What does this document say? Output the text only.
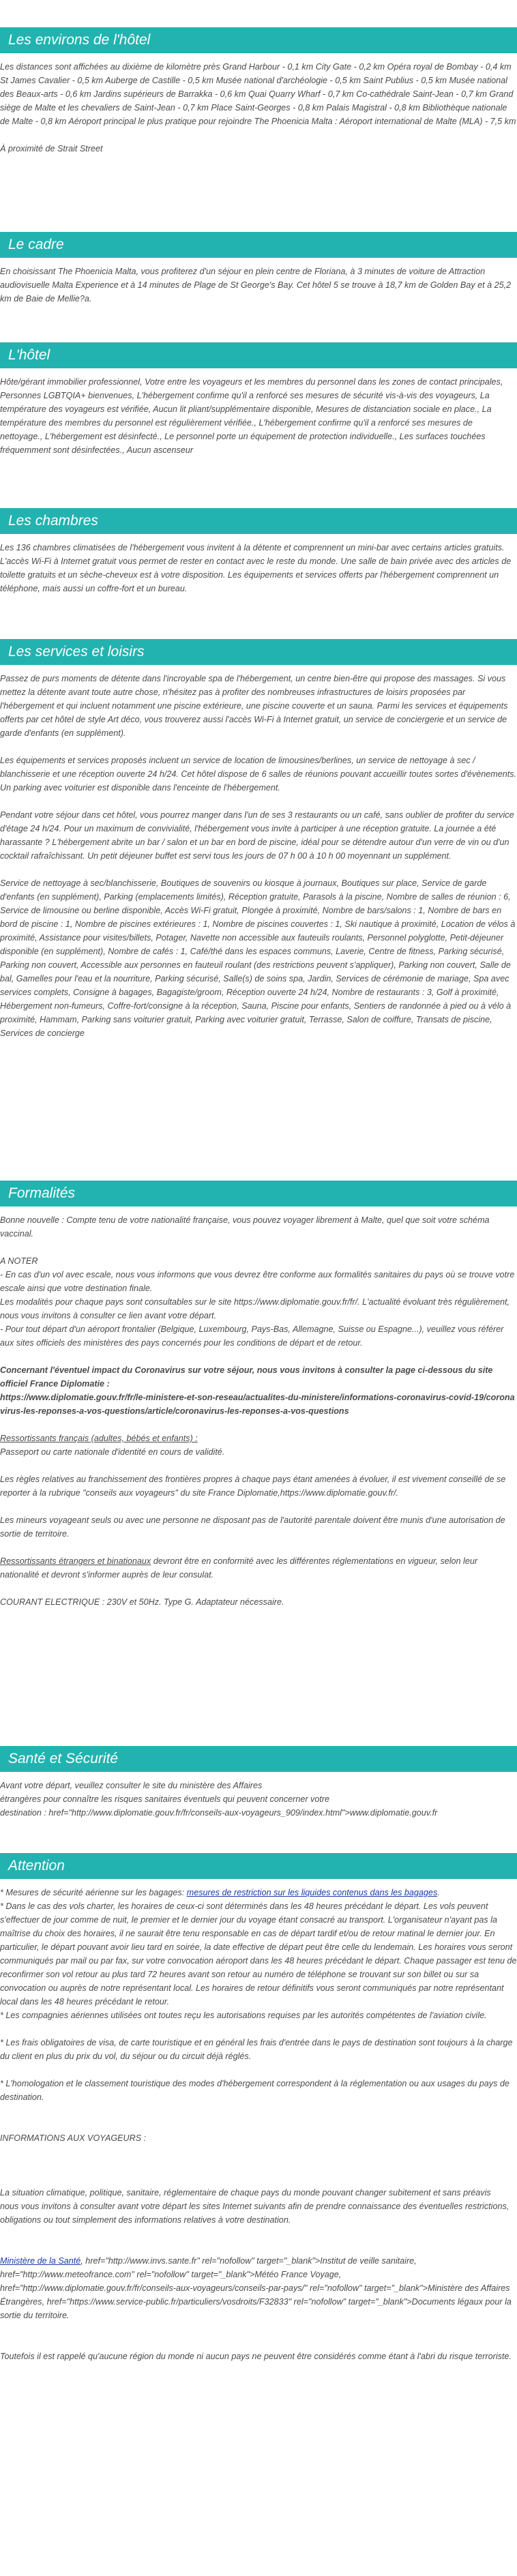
Les environs de l'hôtel

Les distances sont affichées au dixième de kilomètre près Grand Harbour - 0,1 km City Gate - 0,2 km Opéra royal de Bombay - 0,4 km St James Cavalier - 0,5 km Auberge de Castille - 0,5 km Musée national d'archéologie - 0,5 km Saint Publius - 0,5 km Musée national des Beaux-arts - 0,6 km Jardins supérieurs de Barrakka - 0,6 km Quai Quarry Wharf - 0,7 km Co-cathédrale Saint-Jean - 0,7 km Grand siège de Malte et les chevaliers de Saint-Jean - 0,7 km Place Saint-Georges - 0,8 km Palais Magistral - 0,8 km Bibliothèque nationale de Malte - 0,8 km Aéroport principal le plus pratique pour rejoindre The Phoenicia Malta : Aéroport international de Malte (MLA) - 7,5 km

À proximité de Strait Street

Le cadre

En choisissant The Phoenicia Malta, vous profiterez d'un séjour en plein centre de Floriana, à 3 minutes de voiture de Attraction audiovisuelle Malta Experience et à 14 minutes de Plage de St George's Bay. Cet hôtel 5 se trouve à 18,7 km de Golden Bay et à 25,2 km de Baie de Mellie?a.

L'hôtel

Hôte/gérant immobilier professionnel, Votre entre les voyageurs et les membres du personnel dans les zones de contact principales, Personnes LGBTQIA+ bienvenues, L'hébergement confirme qu'il a renforcé ses mesures de sécurité vis-à-vis des voyageurs, La température des voyageurs est vérifiée, Aucun lit pliant/supplémentaire disponible, Mesures de distanciation sociale en place., La température des membres du personnel est régulièrement vérifiée., L'hébergement confirme qu'il a renforcé ses mesures de nettoyage., L'hébergement est désinfecté., Le personnel porte un équipement de protection individuelle., Les surfaces touchées fréquemment sont désinfectées., Aucun ascenseur

Les chambres

Les 136 chambres climatisées de l'hébergement vous invitent à la détente et comprennent un mini-bar avec certains articles gratuits. L'accès Wi-Fi à Internet gratuit vous permet de rester en contact avec le reste du monde. Une salle de bain privée avec des articles de toilette gratuits et un sèche-cheveux est à votre disposition. Les équipements et services offerts par l'hébergement comprennent un téléphone, mais aussi un coffre-fort et un bureau.

Les services et loisirs

Passez de purs moments de détente dans l'incroyable spa de l'hébergement, un centre bien-être qui propose des massages. Si vous mettez la détente avant toute autre chose, n'hésitez pas à profiter des nombreuses infrastructures de loisirs proposées par l'hébergement et qui incluent notamment une piscine extérieure, une piscine couverte et un sauna. Parmi les services et équipements offerts par cet hôtel de style Art déco, vous trouverez aussi l'accès Wi-Fi à Internet gratuit, un service de conciergerie et un service de garde d'enfants (en supplément).

Les équipements et services proposés incluent un service de location de limousines/berlines, un service de nettoyage à sec / blanchisserie et une réception ouverte 24 h/24. Cet hôtel dispose de 6 salles de réunions pouvant accueillir toutes sortes d'évènements. Un parking avec voiturier est disponible dans l'enceinte de l'hébergement.

Pendant votre séjour dans cet hôtel, vous pourrez manger dans l'un de ses 3 restaurants ou un café, sans oublier de profiter du service d'étage 24 h/24. Pour un maximum de convivialité, l'hébergement vous invite à participer à une réception gratuite. La journée a été harassante ? L'hébergement abrite un bar / salon et un bar en bord de piscine, idéal pour se détendre autour d'un verre de vin ou d'un cocktail rafraîchissant. Un petit déjeuner buffet est servi tous les jours de 07 h 00 à 10 h 00 moyennant un supplément.

Service de nettoyage à sec/blanchisserie, Boutiques de souvenirs ou kiosque à journaux, Boutiques sur place, Service de garde d'enfants (en supplément), Parking (emplacements limités), Réception gratuite, Parasols à la piscine, Nombre de salles de réunion : 6, Service de limousine ou berline disponible, Accès Wi-Fi gratuit, Plongée à proximité, Nombre de bars/salons : 1, Nombre de bars en bord de piscine : 1, Nombre de piscines extérieures : 1, Nombre de piscines couvertes : 1, Ski nautique à proximité, Location de vélos à proximité, Assistance pour visites/billets, Potager, Navette non accessible aux fauteuils roulants, Personnel polyglotte, Petit-déjeuner disponible (en supplément), Nombre de cafés : 1, Café/thé dans les espaces communs, Laverie, Centre de fitness, Parking sécurisé, Parking non couvert, Accessible aux personnes en fauteuil roulant (des restrictions peuvent s'appliquer), Parking non couvert, Salle de bal, Gamelles pour l'eau et la nourriture, Parking sécurisé, Salle(s) de soins spa, Jardin, Services de cérémonie de mariage, Spa avec services complets, Consigne à bagages, Bagagiste/groom, Réception ouverte 24 h/24, Nombre de restaurants : 3, Golf à proximité, Hébergement non-fumeurs, Coffre-fort/consigne à la réception, Sauna, Piscine pour enfants, Sentiers de randonnée à pied ou à vélo à proximité, Hammam, Parking sans voiturier gratuit, Parking avec voiturier gratuit, Terrasse, Salon de coiffure, Transats de piscine, Services de concierge

Formalités

Bonne nouvelle : Compte tenu de votre nationalité française, vous pouvez voyager librement à Malte, quel que soit votre schéma vaccinal.

A NOTER

- En cas d'un vol avec escale, nous vous informons que vous devrez être conforme aux formalités sanitaires du pays où se trouve votre escale ainsi que votre destination finale.
Les modalités pour chaque pays sont consultables sur le site https://www.diplomatie.gouv.fr/fr/. L'actualité évoluant très régulièrement, nous vous invitons à consulter ce lien avant votre départ.
- Pour tout départ d'un aéroport frontalier (Belgique, Luxembourg, Pays-Bas, Allemagne, Suisse ou Espagne...), veuillez vous référer aux sites officiels des ministères des pays concernés pour les conditions de départ et de retour.

Concernant l'éventuel impact du Coronavirus sur votre séjour, nous vous invitons à consulter la page ci-dessous du site officiel France Diplomatie :

https://www.diplomatie.gouv.fr/fr/le-ministere-et-son-reseau/actualites-du-ministere/informations-coronavirus-covid-19/coronavirus-les-reponses-a-vos-questions/article/coronavirus-les-reponses-a-vos-questions

Ressortissants français (adultes, bébés et enfants) :

Passeport ou carte nationale d'identité en cours de validité.

Les règles relatives au franchissement des frontières propres à chaque pays étant amenées à évoluer, il est vivement conseillé de se reporter à la rubrique "conseils aux voyageurs" du site France Diplomatie,https://www.diplomatie.gouv.fr/.

Les mineurs voyageant seuls ou avec une personne ne disposant pas de l'autorité parentale doivent être munis d'une autorisation de sortie de territoire.

Ressortissants étrangers et binationaux devront être en conformité avec les différentes réglementations en vigueur, selon leur nationalité et devront s'informer auprès de leur consulat.

COURANT ELECTRIQUE : 230V et 50Hz. Type G. Adaptateur nécessaire.

Santé et Sécurité

Avant votre départ, veuillez consulter le site du ministère des Affaires
étrangères pour connaître les risques sanitaires éventuels qui peuvent concerner votre
destination : href="http://www.diplomatie.gouv.fr/fr/conseils-aux-voyageurs_909/index.html">www.diplomatie.gouv.fr

Attention

* Mesures de sécurité aérienne sur les bagages: mesures de restriction sur les liquides contenus dans les bagages.

* Dans le cas des vols charter, les horaires de ceux-ci sont déterminés dans les 48 heures précédant le départ. Les vols peuvent s'effectuer de jour comme de nuit, le premier et le dernier jour du voyage étant consacré au transport. L'organisateur n'ayant pas la maîtrise du choix des horaires, il ne saurait être tenu responsable en cas de départ tardif et/ou de retour matinal le dernier jour. En particulier, le départ pouvant avoir lieu tard en soirée, la date effective de départ peut être celle du lendemain. Les horaires vous seront communiqués par mail ou par fax, sur votre convocation aéroport dans les 48 heures précédant le départ. Chaque passager est tenu de reconfirmer son vol retour au plus tard 72 heures avant son retour au numéro de téléphone se trouvant sur son billet ou sur sa convocation ou auprès de notre représentant local. Les horaires de retour définitifs vous seront communiqués par notre représentant local dans les 48 heures précédant le retour.

* Les compagnies aériennes utilisées ont toutes reçu les autorisations requises par les autorités compétentes de l'aviation civile.

* Les frais obligatoires de visa, de carte touristique et en général les frais d'entrée dans le pays de destination sont toujours à la charge du client en plus du prix du vol, du séjour ou du circuit déjà réglés.

* L'homologation et le classement touristique des modes d'hébergement correspondent à la réglementation ou aux usages du pays de destination.

INFORMATIONS AUX VOYAGEURS :

La situation climatique, politique, sanitaire, réglementaire de chaque pays du monde pouvant changer subitement et sans préavis
nous vous invitons à consulter avant votre départ les sites Internet suivants afin de prendre connaissance des éventuelles restrictions, obligations ou tout simplement des informations relatives à votre destination.

Ministère de la Santé, href="http://www.invs.sante.fr" rel="nofollow" target="_blank">Institut de veille sanitaire, href="http://www.meteofrance.com" rel="nofollow" target="_blank">Météo France Voyage, href="http://www.diplomatie.gouv.fr/fr/conseils-aux-voyageurs/conseils-par-pays/" rel="nofollow" target="_blank">Ministère des Affaires Étrangères, href="https://www.service-public.fr/particuliers/vosdroits/F32833" rel="nofollow" target="_blank">Documents légaux pour la sortie du territoire.

Toutefois il est rappelé qu'aucune région du monde ni aucun pays ne peuvent être considérés comme étant à l'abri du risque terroriste.
